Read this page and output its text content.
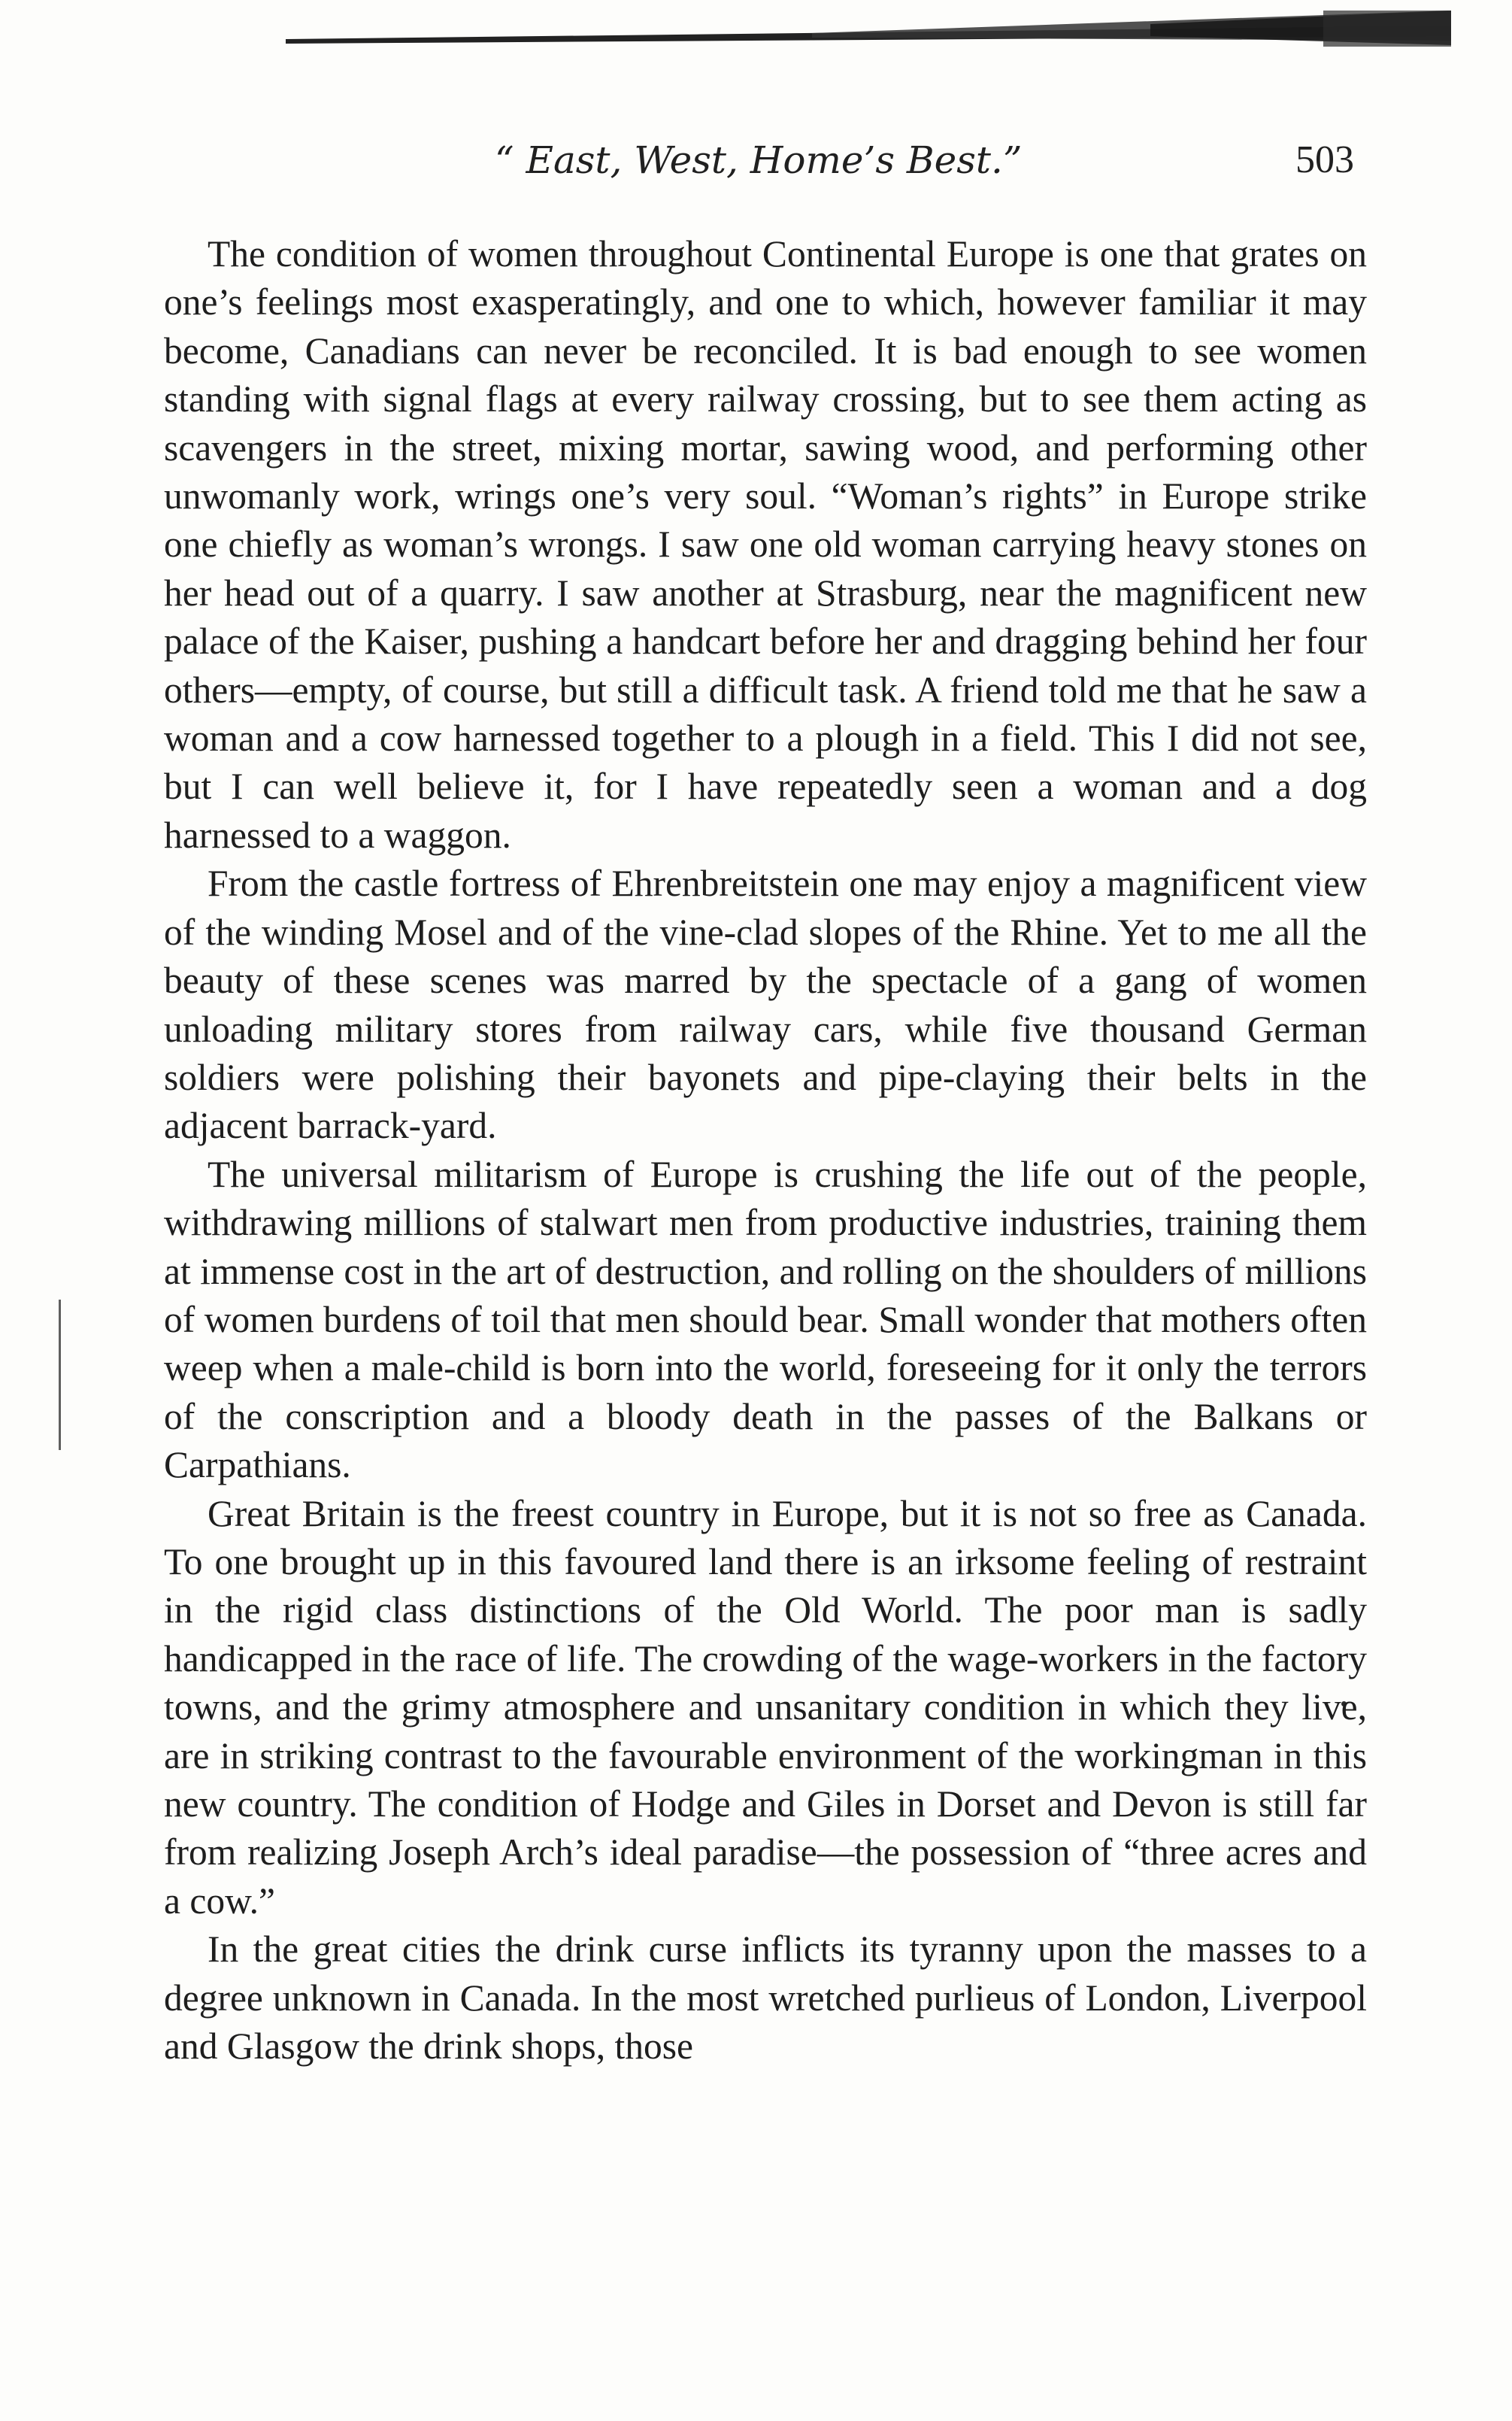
“ East, West, Home’s Best.”	503

The condition of women throughout Continental Europe is one that grates on one’s feelings most exasperatingly, and one to which, however familiar it may become, Canadians can never be reconciled. It is bad enough to see women standing with signal flags at every railway crossing, but to see them acting as scavengers in the street, mixing mortar, sawing wood, and performing other unwomanly work, wrings one’s very soul. “Woman’s rights” in Europe strike one chiefly as woman’s wrongs. I saw one old woman carrying heavy stones on her head out of a quarry. I saw another at Strasburg, near the magnificent new palace of the Kaiser, pushing a handcart before her and dragging behind her four others—empty, of course, but still a difficult task. A friend told me that he saw a woman and a cow harnessed together to a plough in a field. This I did not see, but I can well believe it, for I have repeatedly seen a woman and a dog harnessed to a waggon.

From the castle fortress of Ehrenbreitstein one may enjoy a magnificent view of the winding Mosel and of the vine-clad slopes of the Rhine. Yet to me all the beauty of these scenes was marred by the spectacle of a gang of women unloading military stores from railway cars, while five thousand German soldiers were polishing their bayonets and pipe-claying their belts in the adjacent barrack-yard.

The universal militarism of Europe is crushing the life out of the people, withdrawing millions of stalwart men from productive industries, training them at immense cost in the art of destruction, and rolling on the shoulders of millions of women burdens of toil that men should bear. Small wonder that mothers often weep when a male-child is born into the world, foreseeing for it only the terrors of the conscription and a bloody death in the passes of the Balkans or Carpathians.

Great Britain is the freest country in Europe, but it is not so free as Canada. To one brought up in this favoured land there is an irksome feeling of restraint in the rigid class distinctions of the Old World. The poor man is sadly handicapped in the race of life. The crowding of the wage-workers in the factory towns, and the grimy atmosphere and unsanitary condition in which they live, are in striking contrast to the favourable environment of the workingman in this new country. The condition of Hodge and Giles in Dorset and Devon is still far from realizing Joseph Arch’s ideal paradise—the possession of “three acres and a cow.”

In the great cities the drink curse inflicts its tyranny upon the masses to a degree unknown in Canada. In the most wretched purlieus of London, Liverpool and Glasgow the drink shops, those
